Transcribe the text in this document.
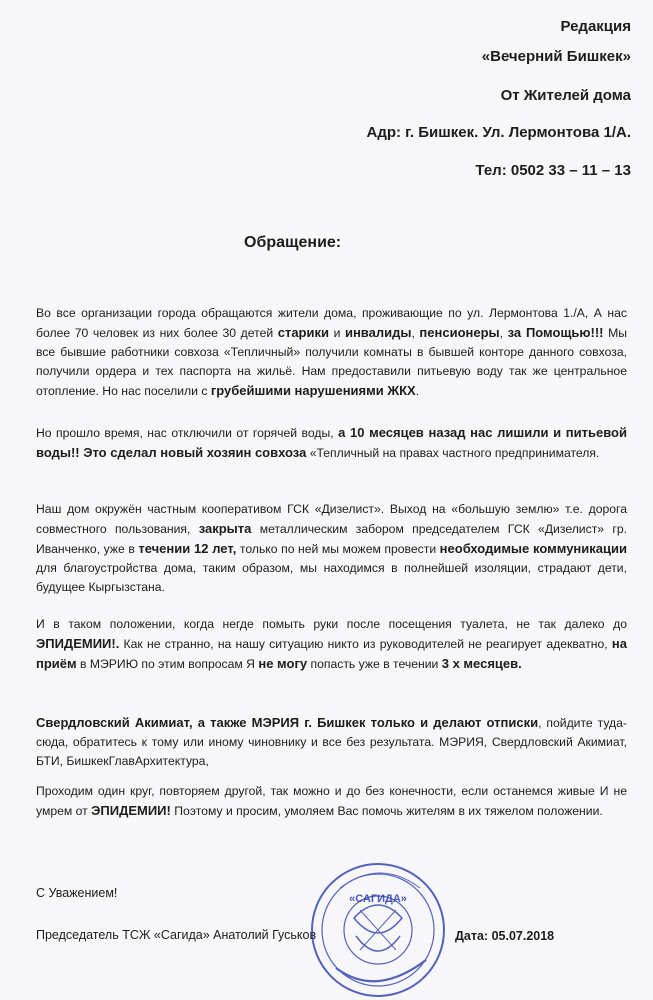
Редакция
«Вечерний Бишкек»
От Жителей дома
Адр: г. Бишкек. Ул. Лермонтова 1/А.
Тел: 0502 33 – 11 – 13
Обращение:

Во все организации города обращаются жители дома, проживающие по ул. Лермонтова 1./А, А нас более 70 человек из них более 30 детей старики и инвалиды, пенсионеры, за Помощью!!! Мы все бывшие работники совхоза «Тепличный» получили комнаты в бывшей конторе данного совхоза, получили ордера и тех паспорта на жильё. Нам предоставили питьевую воду так же центральное отопление. Но нас поселили с грубейшими нарушениями ЖКХ.

Но прошло время, нас отключили от горячей воды, а 10 месяцев назад нас лишили и питьевой воды!! Это сделал новый хозяин совхоза «Тепличный на правах частного предпринимателя.

Наш дом окружён частным кооперативом ГСК «Дизелист». Выход на «большую землю» т.е. дорога совместного пользования, закрыта металлическим забором председателем ГСК «Дизелист» гр. Иванченко, уже в течении 12 лет, только по ней мы можем провести необходимые коммуникации для благоустройства дома, таким образом, мы находимся в полнейшей изоляции, страдают дети, будущее Кыргызстана.

И в таком положении, когда негде помыть руки после посещения туалета, не так далеко до ЭПИДЕМИИ!. Как не странно, на нашу ситуацию никто из руководителей не реагирует адекватно, на приём в МЭРИЮ по этим вопросам Я не могу попасть уже в течении 3 х месяцев.

Свердловский Акимиат, а также МЭРИЯ г. Бишкек только и делают отписки, пойдите туда- сюда, обратитесь к тому или иному чиновнику и все без результата. МЭРИЯ, Свердловский Акимиат, БТИ, БишкекГлавАрхитектура,

Проходим один круг, повторяем другой, так можно и до без конечности, если останемся живые И не умрем от ЭПИДЕМИИ! Поэтому и просим, умоляем Вас помочь жителям в их тяжелом положении.

С Уважением!
Председатель ТСЖ «Сагида» Анатолий Гуськов
«САГИДА»
Дата: 05.07.2018
